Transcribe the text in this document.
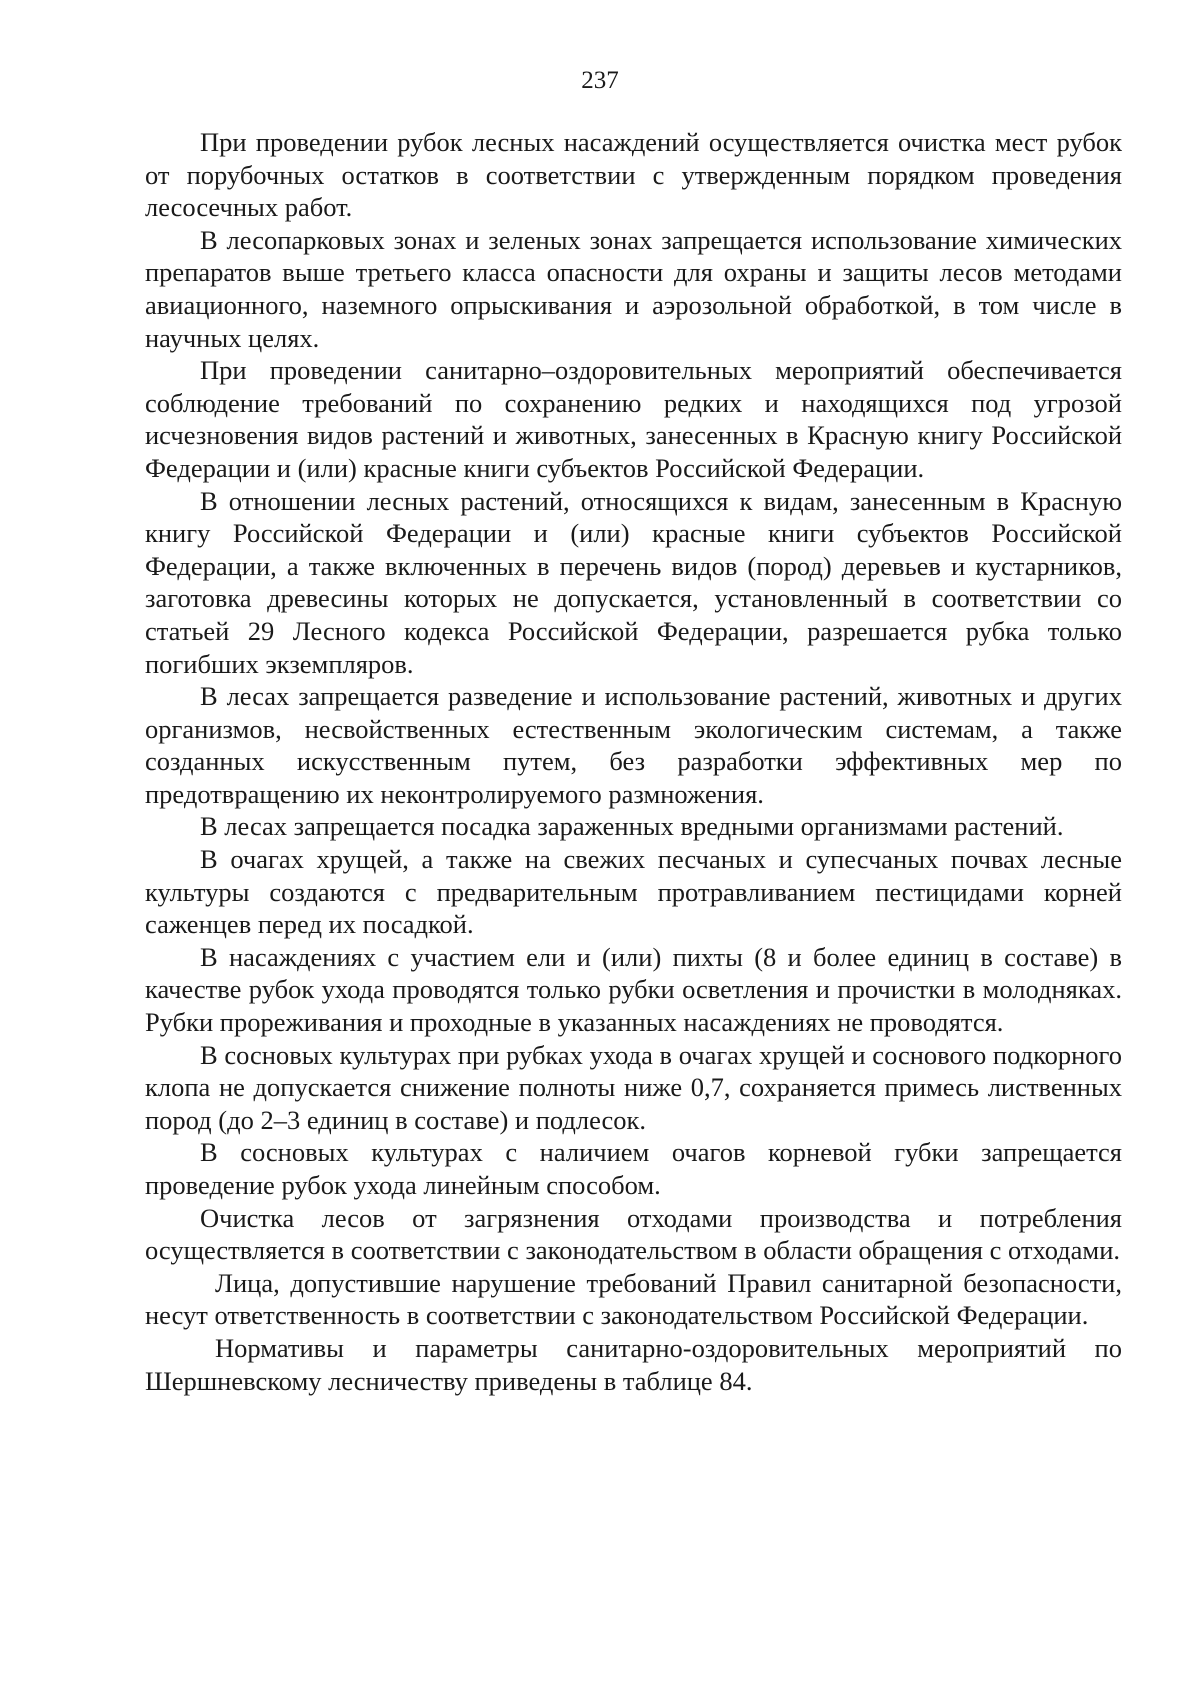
237

При проведении рубок лесных насаждений осуществляется очистка мест рубок от порубочных остатков в соответствии с утвержденным порядком проведения лесосечных работ.

В лесопарковых зонах и зеленых зонах запрещается использование химических препаратов выше третьего класса опасности для охраны и защиты лесов методами авиационного, наземного опрыскивания и аэрозольной обработкой, в том числе в научных целях.

При проведении санитарно–оздоровительных мероприятий обеспечивается соблюдение требований по сохранению редких и находящихся под угрозой исчезновения видов растений и животных, занесенных в Красную книгу Российской Федерации и (или) красные книги субъектов Российской Федерации.

В отношении лесных растений, относящихся к видам, занесенным в Красную книгу Российской Федерации и (или) красные книги субъектов Российской Федерации, а также включенных в перечень видов (пород) деревьев и кустарников, заготовка древесины которых не допускается, установленный в соответствии со статьей 29 Лесного кодекса Российской Федерации, разрешается рубка только погибших экземпляров.

В лесах запрещается разведение и использование растений, животных и других организмов, несвойственных естественным экологическим системам, а также созданных искусственным путем, без разработки эффективных мер по предотвращению их неконтролируемого размножения.

В лесах запрещается посадка зараженных вредными организмами растений.

В очагах хрущей, а также на свежих песчаных и супесчаных почвах лесные культуры создаются с предварительным протравливанием пестицидами корней саженцев перед их посадкой.

В насаждениях с участием ели и (или) пихты (8 и более единиц в составе) в качестве рубок ухода проводятся только рубки осветления и прочистки в молодняках. Рубки прореживания и проходные в указанных насаждениях не проводятся.

В сосновых культурах при рубках ухода в очагах хрущей и соснового подкорного клопа не допускается снижение полноты ниже 0,7, сохраняется примесь лиственных пород (до 2–3 единиц в составе) и подлесок.

В сосновых культурах с наличием очагов корневой губки запрещается проведение рубок ухода линейным способом.

Очистка лесов от загрязнения отходами производства и потребления осуществляется в соответствии с законодательством в области обращения с отходами.

Лица, допустившие нарушение требований Правил санитарной безопасности, несут ответственность в соответствии с законодательством Российской Федерации.

Нормативы и параметры санитарно-оздоровительных мероприятий по Шершневскому лесничеству приведены в таблице 84.
